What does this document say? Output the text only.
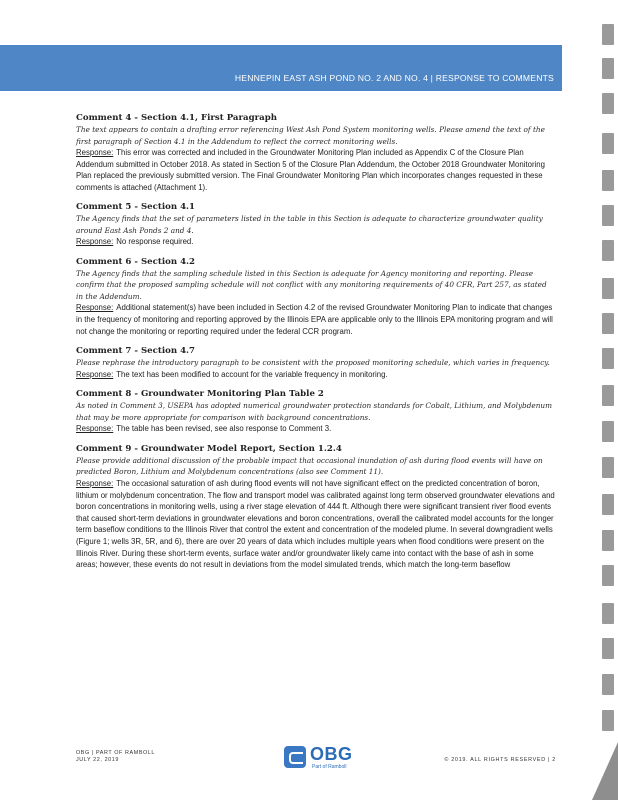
HENNEPIN EAST ASH POND NO. 2 AND NO. 4 | RESPONSE TO COMMENTS

Comment 4 - Section 4.1, First Paragraph

The text appears to contain a drafting error referencing West Ash Pond System monitoring wells. Please amend the text of the first paragraph of Section 4.1 in the Addendum to reflect the correct monitoring wells.

Response: This error was corrected and included in the Groundwater Monitoring Plan included as Appendix C of the Closure Plan Addendum submitted in October 2018. As stated in Section 5 of the Closure Plan Addendum, the October 2018 Groundwater Monitoring Plan replaced the previously submitted version. The Final Groundwater Monitoring Plan which incorporates changes requested in these comments is attached (Attachment 1).

Comment 5 - Section 4.1

The Agency finds that the set of parameters listed in the table in this Section is adequate to characterize groundwater quality around East Ash Ponds 2 and 4.

Response: No response required.

Comment 6 - Section 4.2

The Agency finds that the sampling schedule listed in this Section is adequate for Agency monitoring and reporting. Please confirm that the proposed sampling schedule will not conflict with any monitoring requirements of 40 CFR, Part 257, as stated in the Addendum.

Response: Additional statement(s) have been included in Section 4.2 of the revised Groundwater Monitoring Plan to indicate that changes in the frequency of monitoring and reporting approved by the Illinois EPA are applicable only to the Illinois EPA monitoring program and will not change the monitoring or reporting required under the federal CCR program.

Comment 7 - Section 4.7

Please rephrase the introductory paragraph to be consistent with the proposed monitoring schedule, which varies in frequency.

Response: The text has been modified to account for the variable frequency in monitoring.

Comment 8 - Groundwater Monitoring Plan Table 2

As noted in Comment 3, USEPA has adopted numerical groundwater protection standards for Cobalt, Lithium, and Molybdenum that may be more appropriate for comparison with background concentrations.

Response: The table has been revised, see also response to Comment 3.

Comment 9 - Groundwater Model Report, Section 1.2.4

Please provide additional discussion of the probable impact that occasional inundation of ash during flood events will have on predicted Boron, Lithium and Molybdenum concentrations (also see Comment 11).

Response: The occasional saturation of ash during flood events will not have significant effect on the predicted concentration of boron, lithium or molybdenum concentration. The flow and transport model was calibrated against long term observed groundwater elevations and boron concentrations in monitoring wells, using a river stage elevation of 444 ft. Although there were significant transient river flood events that caused short-term deviations in groundwater elevations and boron concentrations, overall the calibrated model accounts for the longer term baseflow conditions to the Illinois River that control the extent and concentration of the modeled plume. In several downgradient wells (Figure 1; wells 3R, 5R, and 6), there are over 20 years of data which includes multiple years when flood conditions were present on the Illinois River. During these short-term events, surface water and/or groundwater likely came into contact with the base of ash in some areas; however, these events do not result in deviations from the model simulated trends, which match the long-term baseflow

OBG | PART OF RAMBOLL
JULY 22, 2019	OBG
Part of Ramboll
© 2019. ALL RIGHTS RESERVED | 2
